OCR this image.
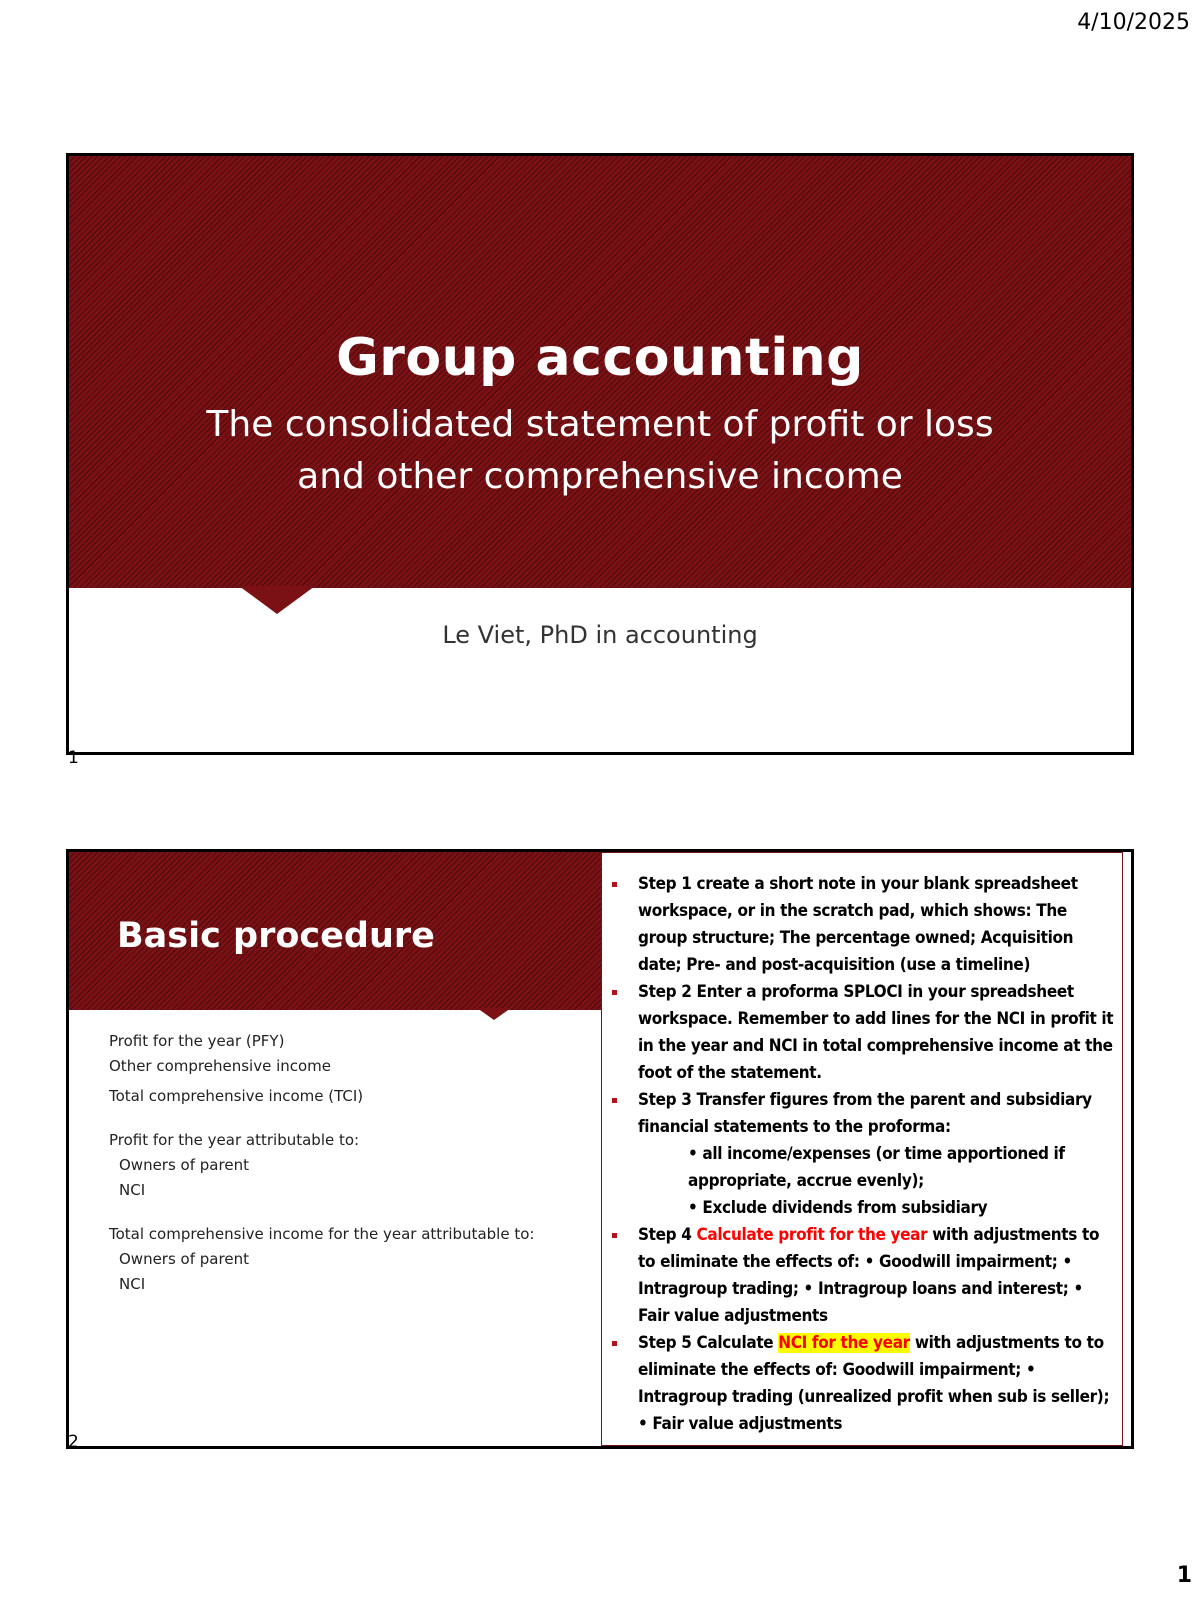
4/10/2025
Group accounting
The consolidated statement of profit or loss
and other comprehensive income
Le Viet, PhD in accounting
1
Basic procedure
Profit for the year (PFY)
Other comprehensive income
Total comprehensive income (TCI)
Profit for the year attributable to:
Owners of parent
NCI
Total comprehensive income for the year attributable to:
Owners of parent
NCI
Step 1 create a short note in your blank spreadsheet workspace, or in the scratch pad, which shows: The group structure; The percentage owned; Acquisition date; Pre- and post-acquisition (use a timeline)
Step 2 Enter a proforma SPLOCI in your spreadsheet workspace. Remember to add lines for the NCI in profit it in the year and NCI in total comprehensive income at the foot of the statement.
Step 3 Transfer figures from the parent and subsidiary financial statements to the proforma:
• all income/expenses (or time apportioned if appropriate, accrue evenly);
• Exclude dividends from subsidiary
Step 4 Calculate profit for the year with adjustments to to eliminate the effects of: • Goodwill impairment; • Intragroup trading; • Intragroup loans and interest; • Fair value adjustments
Step 5 Calculate NCI for the year with adjustments to to eliminate the effects of: Goodwill impairment; • Intragroup trading (unrealized profit when sub is seller); • Fair value adjustments
2
1
